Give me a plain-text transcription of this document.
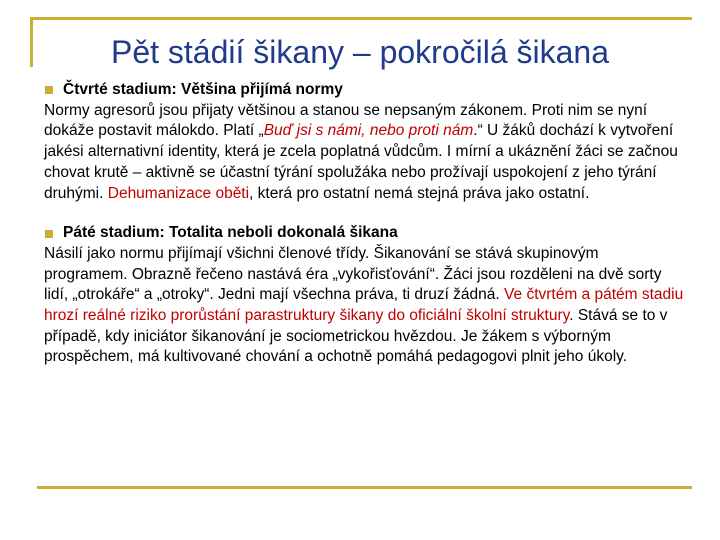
Pět stádií šikany – pokročilá šikana
Čtvrté stadium: Většina přijímá normy

Normy agresorů jsou přijaty většinou a stanou se nepsaným zákonem. Proti nim se nyní dokáže postavit málokdo. Platí „Buď jsi s námi, nebo proti nám.“ U žáků dochází k vytvoření jakési alternativní identity, která je zcela poplatná vůdcům. I mírní a ukáznění žáci se začnou chovat krutě – aktivně se účastní týrání spolužáka nebo prožívají uspokojení z jeho týrání druhými. Dehumanizace oběti, která pro ostatní nemá stejná práva jako ostatní.

Páté stadium: Totalita neboli dokonalá šikana

Násilí jako normu přijímají všichni členové třídy. Šikanování se stává skupinovým programem. Obrazně řečeno nastává éra „vykořisťování“. Žáci jsou rozděleni na dvě sorty lidí, „otrokáře“ a „otroky“. Jedni mají všechna práva, ti druzí žádná. Ve čtvrtém a pátém stadiu hrozí reálné riziko prorůstání parastruktury šikany do oficiální školní struktury. Stává se to v případě, kdy iniciátor šikanování je sociometrickou hvězdou. Je žákem s výborným prospěchem, má kultivované chování a ochotně pomáhá pedagogovi plnit jeho úkoly.
